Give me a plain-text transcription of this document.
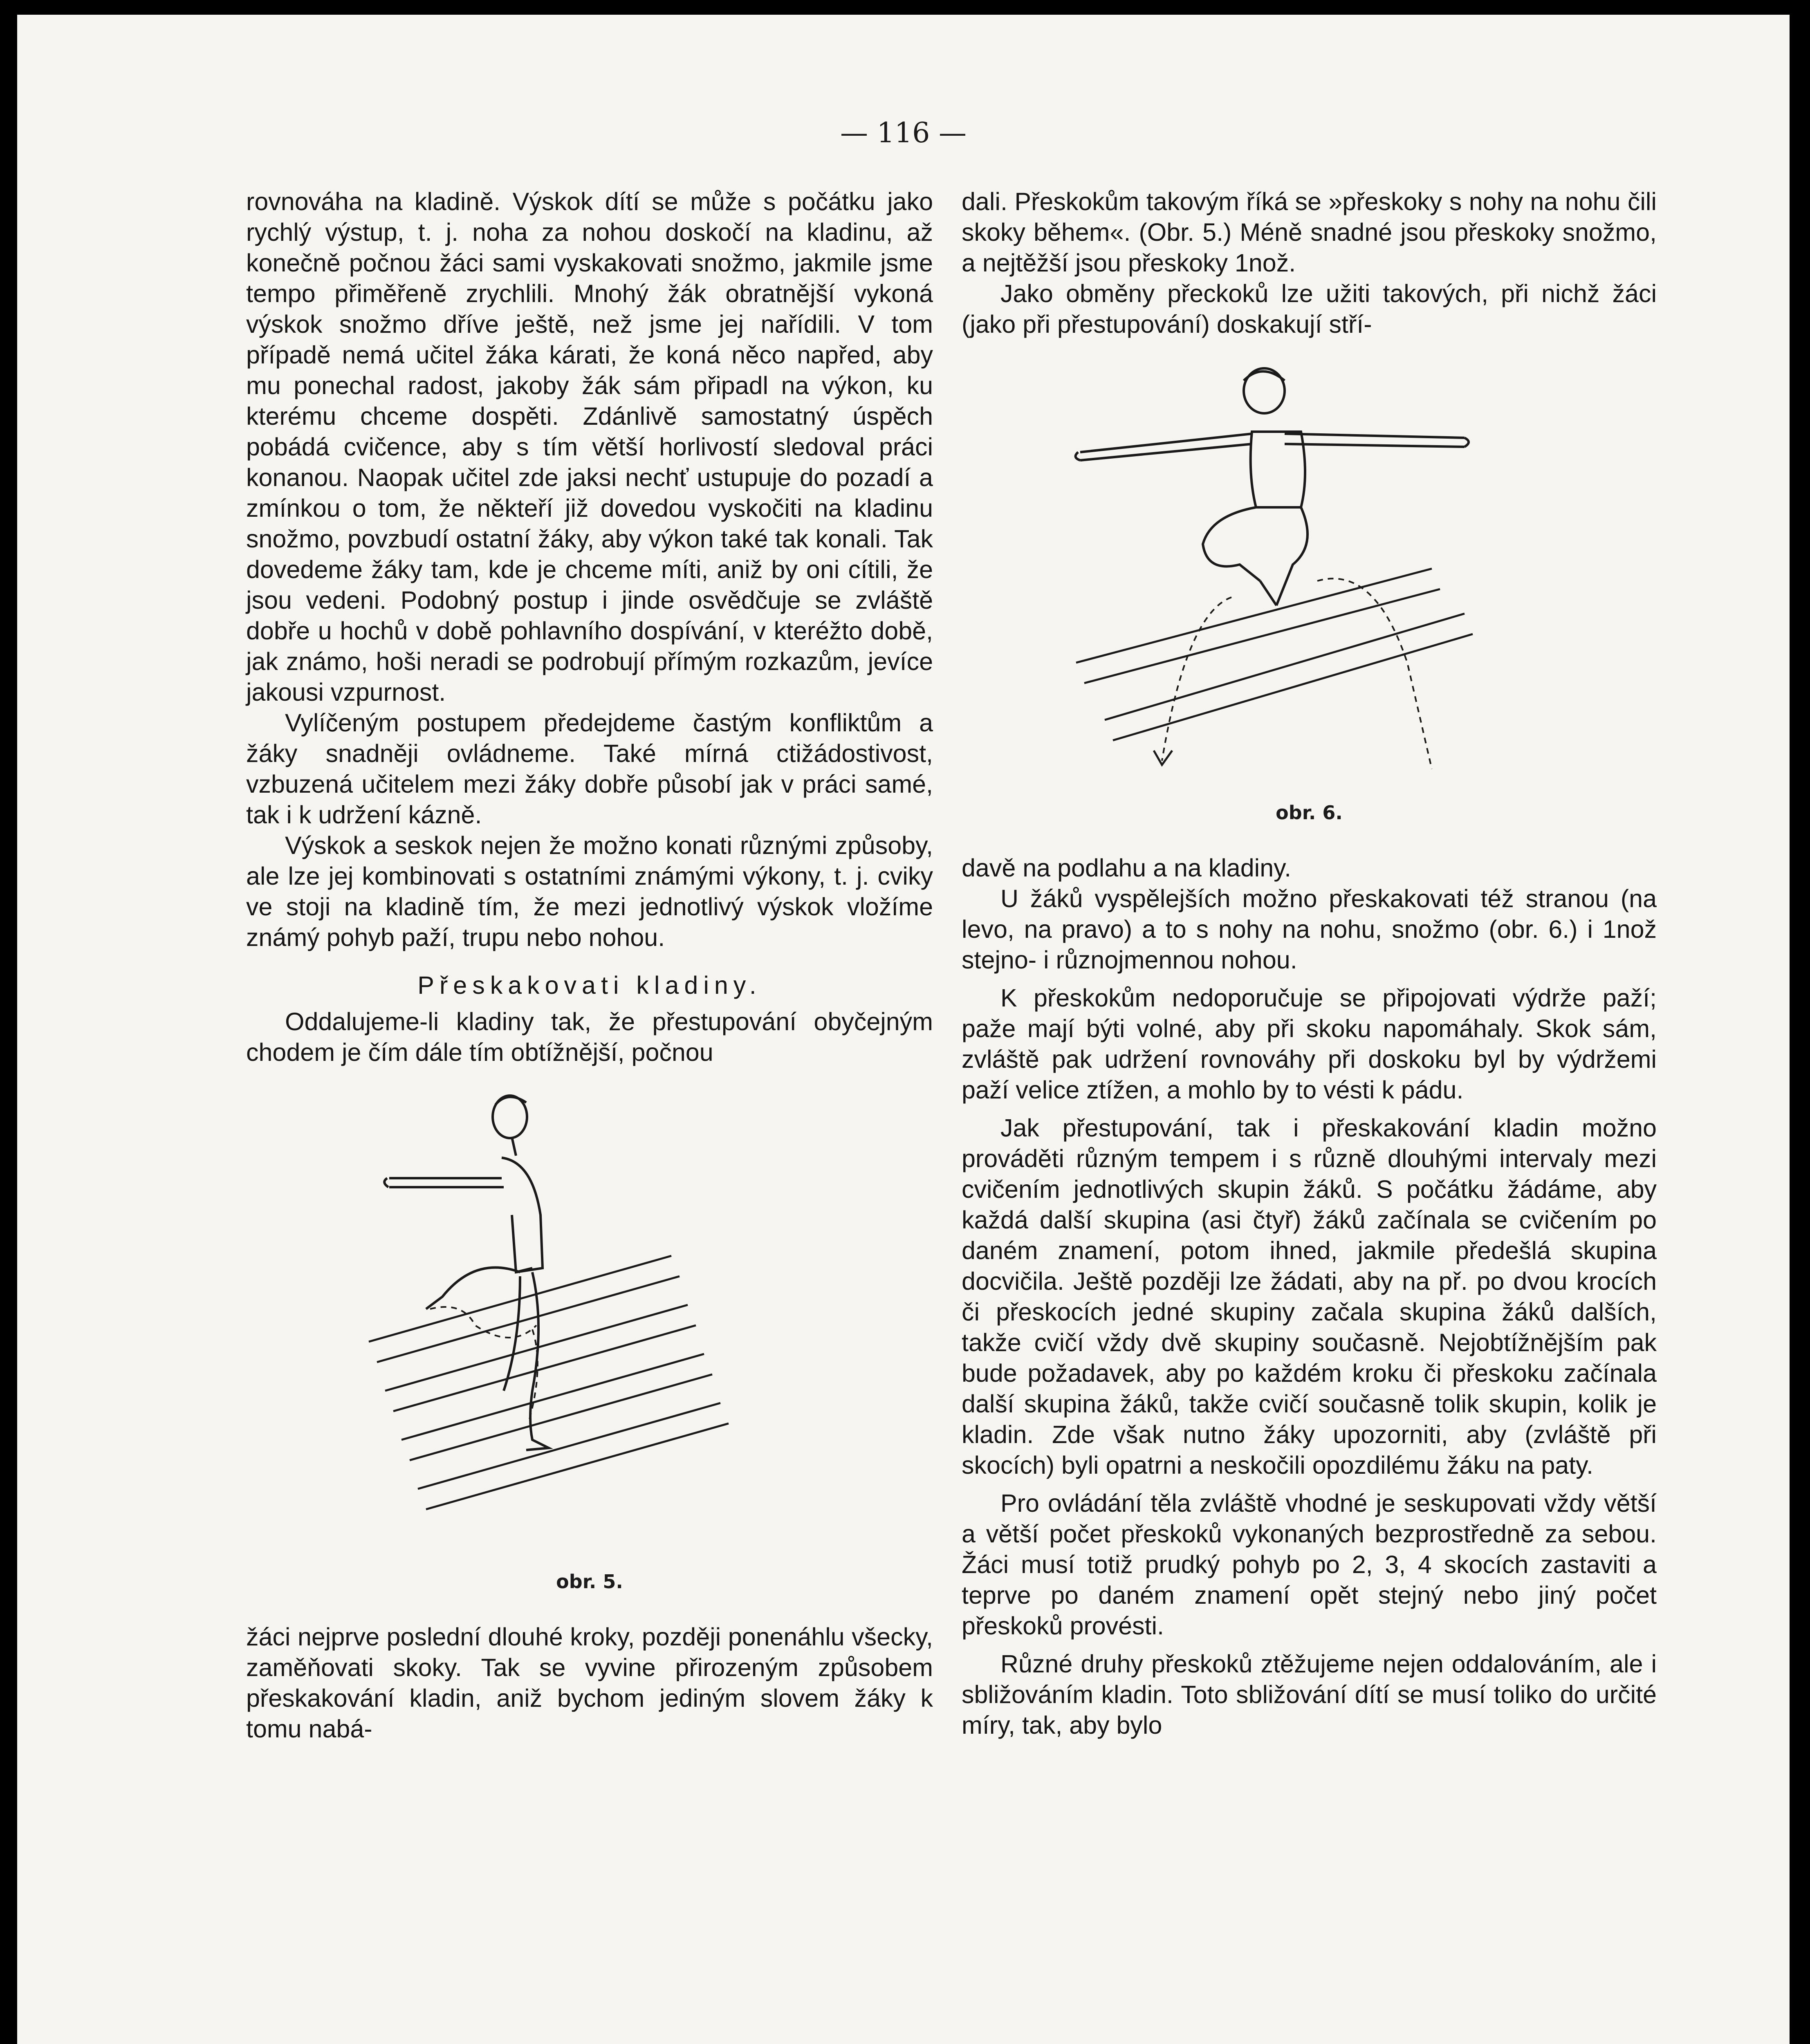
— 116 —

rovnováha na kladině. Výskok dítí se může s počátku jako rychlý výstup, t. j. noha za nohou doskočí na kladinu, až konečně počnou žáci sami vyskakovati snožmo, jakmile jsme tempo přiměřeně zrychlili. Mnohý žák obratnější vykoná výskok snožmo dříve ještě, než jsme jej nařídili. V tom případě nemá učitel žáka kárati, že koná něco napřed, aby mu ponechal radost, jakoby žák sám připadl na výkon, ku kterému chceme dospěti. Zdánlivě samostatný úspěch pobádá cvičence, aby s tím větší horlivostí sledoval práci konanou. Naopak učitel zde jaksi nechť ustupuje do pozadí a zmínkou o tom, že někteří již dovedou vyskočiti na kladinu snožmo, povzbudí ostatní žáky, aby výkon také tak konali. Tak dovedeme žáky tam, kde je chceme míti, aniž by oni cítili, že jsou vedeni. Podobný postup i jinde osvědčuje se zvláště dobře u hochů v době pohlavního dospívání, v kteréžto době, jak známo, hoši neradi se podrobují přímým rozkazům, jevíce jakousi vzpurnost.

Vylíčeným postupem předejdeme častým konfliktům a žáky snadněji ovládneme. Také mírná ctižádostivost, vzbuzená učitelem mezi žáky dobře působí jak v práci samé, tak i k udržení kázně.

Výskok a seskok nejen že možno konati různými způsoby, ale lze jej kombinovati s ostatními známými výkony, t. j. cviky ve stoji na kladině tím, že mezi jednotlivý výskok vložíme známý pohyb paží, trupu nebo nohou.

Přeskakovati kladiny.

Oddalujeme-li kladiny tak, že přestupování obyčejným chodem je čím dále tím obtížnější, počnou

obr. 5.

žáci nejprve poslední dlouhé kroky, později ponenáhlu všecky, zaměňovati skoky. Tak se vyvine přirozeným způsobem přeskakování kladin, aniž bychom jediným slovem žáky k tomu nabá-

dali. Přeskokům takovým říká se »přeskoky s nohy na nohu čili skoky během«. (Obr. 5.) Méně snadné jsou přeskoky snožmo, a nejtěžší jsou přeskoky 1nož.

Jako obměny přeckoků lze užiti takových, při nichž žáci (jako při přestupování) doskakují stří-

obr. 6.

davě na podlahu a na kladiny.

U žáků vyspělejších možno přeskakovati též stranou (na levo, na pravo) a to s nohy na nohu, snožmo (obr. 6.) i 1nož stejno- i různojmennou nohou.

K přeskokům nedoporučuje se připojovati výdrže paží; paže mají býti volné, aby při skoku napomáhaly. Skok sám, zvláště pak udržení rovnováhy při doskoku byl by výdržemi paží velice ztížen, a mohlo by to vésti k pádu.

Jak přestupování, tak i přeskakování kladin možno prováděti různým tempem i s různě dlouhými intervaly mezi cvičením jednotlivých skupin žáků. S počátku žádáme, aby každá další skupina (asi čtyř) žáků začínala se cvičením po daném znamení, potom ihned, jakmile předešlá skupina docvičila. Ještě později lze žádati, aby na př. po dvou krocích či přeskocích jedné skupiny začala skupina žáků dalších, takže cvičí vždy dvě skupiny současně. Nejobtížnějším pak bude požadavek, aby po každém kroku či přeskoku začínala další skupina žáků, takže cvičí současně tolik skupin, kolik je kladin. Zde však nutno žáky upozorniti, aby (zvláště při skocích) byli opatrni a neskočili opozdilému žáku na paty.

Pro ovládání těla zvláště vhodné je seskupovati vždy větší a větší počet přeskoků vykonaných bezprostředně za sebou. Žáci musí totiž prudký pohyb po 2, 3, 4 skocích zastaviti a teprve po daném znamení opět stejný nebo jiný počet přeskoků provésti.

Různé druhy přeskoků ztěžujeme nejen oddalováním, ale i sbližováním kladin. Toto sbližování dítí se musí toliko do určité míry, tak, aby bylo
